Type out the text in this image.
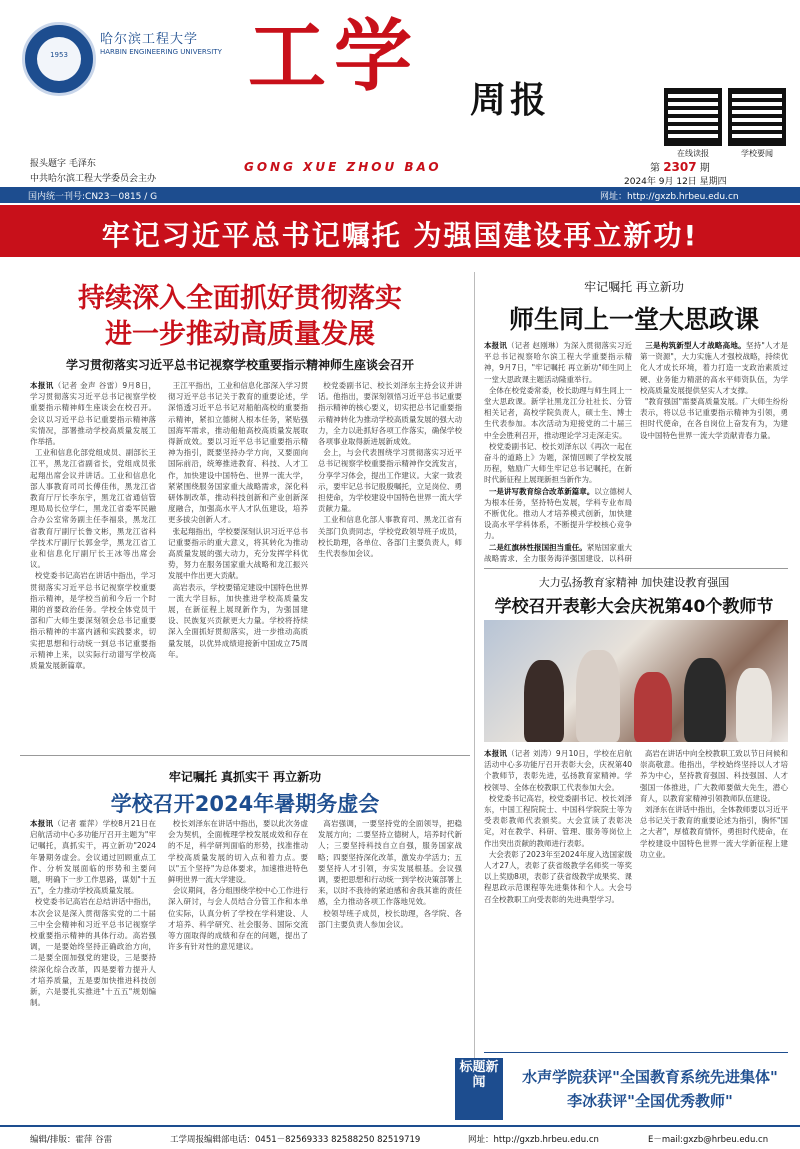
1953
哈尔滨工程大学
HARBIN ENGINEERING UNIVERSITY
报头题字 毛泽东
中共哈尔滨工程大学委员会主办
工学 周报
GONG XUE ZHOU BAO
在线读报	学校要闻
第 2307 期
2024年 9月 12日 星期四
国内统一刊号:CN23－0815 / G	网址：http://gxzb.hrbeu.edu.cn
牢记习近平总书记嘱托 为强国建设再立新功!
持续深入全面抓好贯彻落实
进一步推动高质量发展
学习贯彻落实习近平总书记视察学校重要指示精神师生座谈会召开
本报讯（记者 金声 谷雷）9月8日，学习贯彻落实习近平总书记视察学校重要指示精神师生座谈会在校召开。会议以习近平总书记重要指示精神落实情况，部署推动学校高质量发展工作举措。
工业和信息化部党组成员、副部长王江平，黑龙江省副省长，党组成员张起翔出席会议并讲话。工业和信息化部人事教育司司长傅佳伟，黑龙江省教育厅厅长李东宇，黑龙江省通信管理局局长位学仁，黑龙江省委军民融合办公室常务副主任李福泉，黑龙江省教育厅副厅长鲁文彬，黑龙江省科学技术厅副厅长郭金学，黑龙江省工业和信息化厅副厅长王冰等出席会议。
校党委书记高岩在讲话中指出，学习贯彻落实习近平总书记视察学校重要指示精神，是学校当前和今后一个时期的首要政治任务。学校全体党员干部和广大师生要深刻领会总书记重要指示精神的丰富内涵和实践要求，切实把思想和行动统一到总书记重要指示精神上来，以实际行动谱写学校高质量发展新篇章。
王江平指出，工业和信息化部深入学习贯彻习近平总书记关于教育的重要论述，学深悟透习近平总书记对船舶高校的重要指示精神，紧扣立德树人根本任务，紧贴强国海军需求，推动船舶高校高质量发展取得新成效。要以习近平总书记重要指示精神为指引，既要坚持办学方向，又要面向国际前沿，统筹推进教育、科技、人才工作，加快建设中国特色、世界一流大学，紧紧围绕服务国家重大战略需求，深化科研体制改革，推动科技创新和产业创新深度融合，加强高水平人才队伍建设，培养更多拔尖创新人才。
张起翔指出，学校要深刻认识习近平总书记重要指示的重大意义，将其转化为推动高质量发展的强大动力，充分发挥学科优势，努力在服务国家重大战略和龙江振兴发展中作出更大贡献。
高岩表示，学校要锚定建设中国特色世界一流大学目标，加快推进学校高质量发展，在新征程上展现新作为，为强国建设、民族复兴贡献更大力量。学校将持续深入全面抓好贯彻落实，进一步推动高质量发展，以优异成绩迎接新中国成立75周年。
校党委副书记、校长刘泽东主持会议并讲话。他指出，要深刻领悟习近平总书记重要指示精神的核心要义，切实把总书记重要指示精神转化为推动学校高质量发展的强大动力，全力以赴抓好各项工作落实，确保学校各项事业取得新进展新成效。
会上，与会代表围绕学习贯彻落实习近平总书记视察学校重要指示精神作交流发言，分享学习体会，提出工作建议。大家一致表示，要牢记总书记殷殷嘱托，立足岗位、勇担使命，为学校建设中国特色世界一流大学贡献力量。
工业和信息化部人事教育司、黑龙江省有关部门负责同志，学校党政领导班子成员，校长助理，各单位、各部门主要负责人，师生代表参加会议。
牢记嘱托 真抓实干 再立新功
学校召开2024年暑期务虚会
本报讯（记者 霍萍）学校8月21日在启航活动中心多功能厅召开主题为"牢记嘱托，真抓实干，再立新功"2024年暑期务虚会。会议通过回顾重点工作、分析发展面临的形势和主要问题，明确下一步工作思路，谋划"十五五"，全力推动学校高质量发展。
校党委书记高岩在总结讲话中指出，本次会议是深入贯彻落实党的二十届三中全会精神和习近平总书记视察学校重要指示精神的具体行动。高岩强调，一是要始终坚持正确政治方向，二是要全面加强党的建设，三是要持续深化综合改革，四是要着力提升人才培养质量，五是要加快推进科技创新，六是要扎实推进"十五五"规划编制。
校长刘泽东在讲话中指出，要以此次务虚会为契机，全面梳理学校发展成效和存在的不足，科学研判面临的形势，找准推动学校高质量发展的切入点和着力点。要以"五个坚持"为总体要求，加速推进特色鲜明世界一流大学建设。
会议期间，各分组围绕学校中心工作进行深入研讨，与会人员结合分管工作和本单位实际，认真分析了学校在学科建设、人才培养、科学研究、社会服务、国际交流等方面取得的成绩和存在的问题，提出了许多有针对性的意见建议。
高岩强调，一要坚持党的全面领导，把稳发展方向；二要坚持立德树人，培养时代新人；三要坚持科技自立自强，服务国家战略；四要坚持深化改革，激发办学活力；五要坚持人才引领，夯实发展根基。会议强调，要把思想和行动统一到学校决策部署上来，以时不我待的紧迫感和舍我其谁的责任感，全力推动各项工作落地见效。
校领导班子成员，校长助理，各学院、各部门主要负责人参加会议。
牢记嘱托 再立新功
师生同上一堂大思政课
本报讯（记者 赵刚琳）为深入贯彻落实习近平总书记视察哈尔滨工程大学重要指示精神，9月7日，"牢记嘱托 再立新功"师生同上一堂大思政课主题活动隆重举行。
全体在校党委常委，校长助理与师生同上一堂大思政课。新学社黑龙江分社社长、分管相关记者，高校学院负责人，硕士生、博士生代表参加。本次活动为迎接党的二十届三中全会胜利召开，推动理论学习走深走实。
校党委副书记、校长刘泽东以《再次一起在奋斗的道路上》为题，深情回顾了学校发展历程，勉励广大师生牢记总书记嘱托，在新时代新征程上展现新担当新作为。
一是讲写教育综合改革新篇章。以立德树人为根本任务，坚持特色发展，学科专业布局不断优化。推动人才培养模式创新，加快建设高水平学科体系，不断提升学校核心竞争力。
二是红旗林性报国担当重任。紧贴国家重大战略需求，全力服务海洋强国建设，以科研
三是构筑新型人才战略高地。坚持"人才是第一资源"，大力实施人才强校战略，持续优化人才成长环境，着力打造一支政治素质过硬、业务能力精湛的高水平师资队伍，为学校高质量发展提供坚实人才支撑。
"教育强国"需要高质量发展。广大师生纷纷表示，将以总书记重要指示精神为引领，勇担时代使命，在各自岗位上奋发有为，为建设中国特色世界一流大学贡献青春力量。
大力弘扬教育家精神 加快建设教育强国
学校召开表彰大会庆祝第40个教师节
本报讯（记者 刘涛）9月10日，学校在启航活动中心多功能厅召开表彰大会，庆祝第40个教师节，表彰先进，弘扬教育家精神。学校领导、全体在校教职工代表参加大会。
校党委书记高岩，校党委副书记、校长刘泽东，中国工程院院士、中国科学院院士等为受表彰教师代表颁奖。大会宣读了表彰决定，对在教学、科研、管理、服务等岗位上作出突出贡献的教师进行表彰。
大会表彰了2023年至2024年度入选国家级人才27人，表彰了获省级教学名师奖一等奖以上奖励8项，表彰了获省级教学成果奖、课程思政示范课程等先进集体和个人。大会号召全校教职工向受表彰的先进典型学习。
高岩在讲话中向全校教职工致以节日问候和崇高敬意。他指出，学校始终坚持以人才培养为中心，坚持教育强国、科技强国、人才强国一体推进，广大教师要做大先生，潜心育人，以教育家精神引领教师队伍建设。
刘泽东在讲话中指出，全体教师要以习近平总书记关于教育的重要论述为指引，胸怀"国之大者"，厚植教育情怀，勇担时代使命，在学校建设中国特色世界一流大学新征程上建功立业。
标题新闻	水声学院获评"全国教育系统先进集体"
李冰获评"全国优秀教师"
编辑/排版：霍萍 谷雷	工学周报编辑部电话：0451－82569333 82588250 82519719	网址：http://gxzb.hrbeu.edu.cn	E－mail:gxzb@hrbeu.edu.cn
